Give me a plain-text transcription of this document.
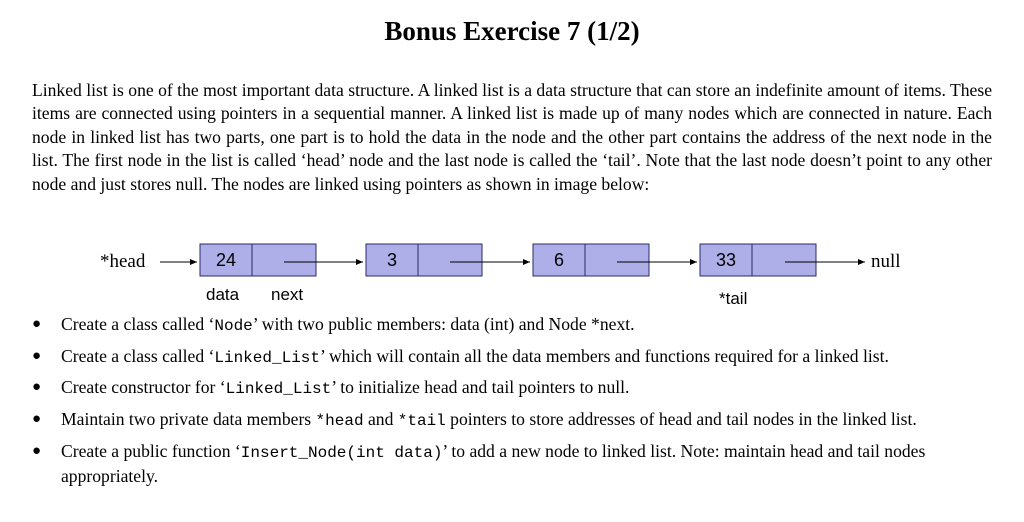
Bonus Exercise 7 (1/2)
Linked list is one of the most important data structure. A linked list is a data structure that can store an indefinite amount of items. These items are connected using pointers in a sequential manner. A linked list is made up of many nodes which are connected in nature. Each node in linked list has two parts, one part is to hold the data in the node and the other part contains the address of the next node in the list. The first node in the list is called ‘head’ node and the last node is called the ‘tail’. Note that the last node doesn’t point to any other node and just stores null. The nodes are linked using pointers as shown in image below:
*head	24	3	6	33	null
data next	*tail
● Create a class called ‘Node’ with two public members: data (int) and Node *next.
● Create a class called ‘Linked_List’ which will contain all the data members and functions required for a linked list.
● Create constructor for ‘Linked_List’ to initialize head and tail pointers to null.
● Maintain two private data members *head and *tail pointers to store addresses of head and tail nodes in the linked list.
● Create a public function ‘Insert_Node(int data)’ to add a new node to linked list. Note: maintain head and tail nodes appropriately.
